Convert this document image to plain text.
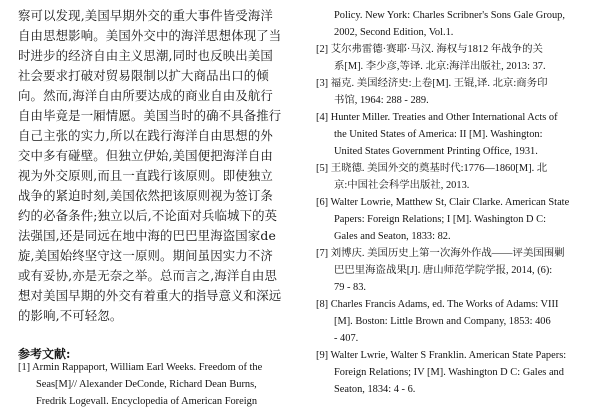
察可以发现,美国早期外交的重大事件皆受海洋
自由思想影响。美国外交中的海洋思想体现了当
时进步的经济自由主义思潮,同时也反映出美国
社会要求打破对贸易限制以扩大商品出口的倾
向。然而,海洋自由所要达成的商业自由及航行
自由毕竟是一厢情愿。美国当时的确不具备推行
自己主张的实力,所以在践行海洋自由思想的外
交中多有碰壁。但独立伊始,美国便把海洋自由
视为外交原则,而且一直践行该原则。即使独立
战争的紧迫时刻,美国依然把该原则视为签订条
约的必备条件;独立以后,不论面对兵临城下的英
法强国,还是同远在地中海的巴巴里海盗国家de
旋,美国始终坚守这一原则。期间虽因实力不济
或有妥协,亦是无奈之举。总而言之,海洋自由思
想对美国早期的外交有着重大的指导意义和深远
的影响,不可轻忽。
参考文献:
[1] Armin Rappaport, William Earl Weeks. Freedom of the
Seas[M]// Alexander DeConde, Richard Dean Burns,
Fredrik Logevall. Encyclopedia of American Foreign
Policy. New York: Charles Scribner's Sons Gale Group,
2002, Second Edition, Vol.1.
[2] 艾尔弗雷德·赛耶·马汉. 海权与1812 年战争的关
系[M]. 李少彦,等译. 北京:海洋出版社, 2013: 37.
[3] 福克. 美国经济史:上卷[M]. 王锟,译. 北京:商务印
书馆, 1964: 288 - 289.
[4] Hunter Miller. Treaties and Other International Acts of
the United States of America: II [M]. Washington:
United States Government Printing Office, 1931.
[5] 王晓德. 美国外交的奠基时代:1776—1860[M]. 北
京:中国社会科学出版社, 2013.
[6] Walter Lowrie, Matthew St, Clair Clarke. American State
Papers: Foreign Relations; I [M]. Washington D C:
Gales and Seaton, 1833: 82.
[7] 刘博庆. 美国历史上第一次海外作战——评美国围剿
巴巴里海盗战果[J]. 唐山师范学院学报, 2014, (6):
79 - 83.
[8] Charles Francis Adams, ed. The Works of Adams: VIII
[M]. Boston: Little Brown and Company, 1853: 406
- 407.
[9] Walter Lwrie, Walter S Franklin. American State Papers:
Foreign Relations; IV [M]. Washington D C: Gales and
Seaton, 1834: 4 - 6.
